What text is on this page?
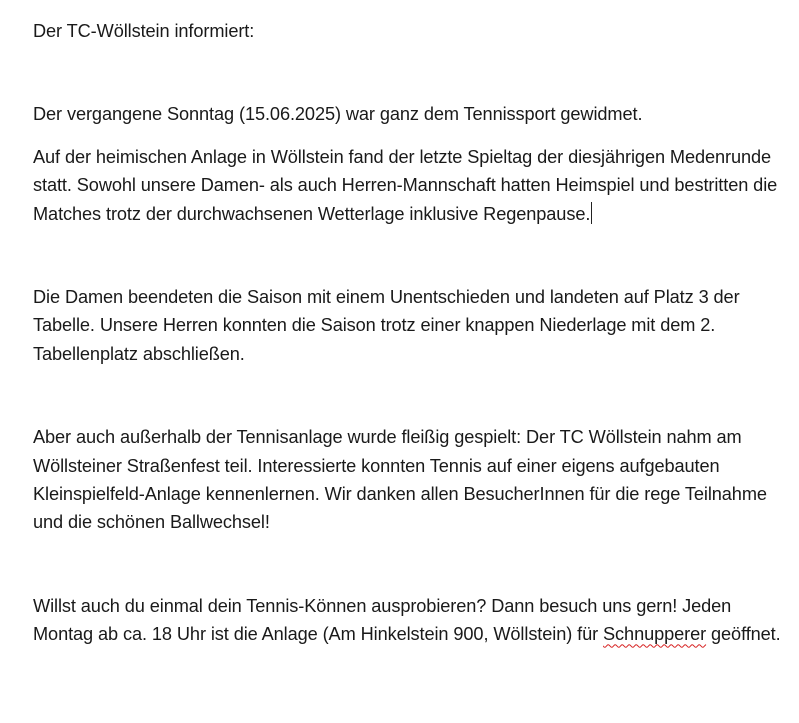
Der TC-Wöllstein informiert:

Der vergangene Sonntag (15.06.2025) war ganz dem Tennissport gewidmet.

Auf der heimischen Anlage in Wöllstein fand der letzte Spieltag der diesjährigen Medenrunde statt. Sowohl unsere Damen- als auch Herren-Mannschaft hatten Heimspiel und bestritten die Matches trotz der durchwachsenen Wetterlage inklusive Regenpause.

Die Damen beendeten die Saison mit einem Unentschieden und landeten auf Platz 3 der Tabelle. Unsere Herren konnten die Saison trotz einer knappen Niederlage mit dem 2. Tabellenplatz abschließen.

Aber auch außerhalb der Tennisanlage wurde fleißig gespielt: Der TC Wöllstein nahm am Wöllsteiner Straßenfest teil. Interessierte konnten Tennis auf einer eigens aufgebauten Kleinspielfeld-Anlage kennenlernen. Wir danken allen BesucherInnen für die rege Teilnahme und die schönen Ballwechsel!

Willst auch du einmal dein Tennis-Können ausprobieren? Dann besuch uns gern! Jeden Montag ab ca. 18 Uhr ist die Anlage (Am Hinkelstein 900, Wöllstein) für Schnupperer geöffnet.
